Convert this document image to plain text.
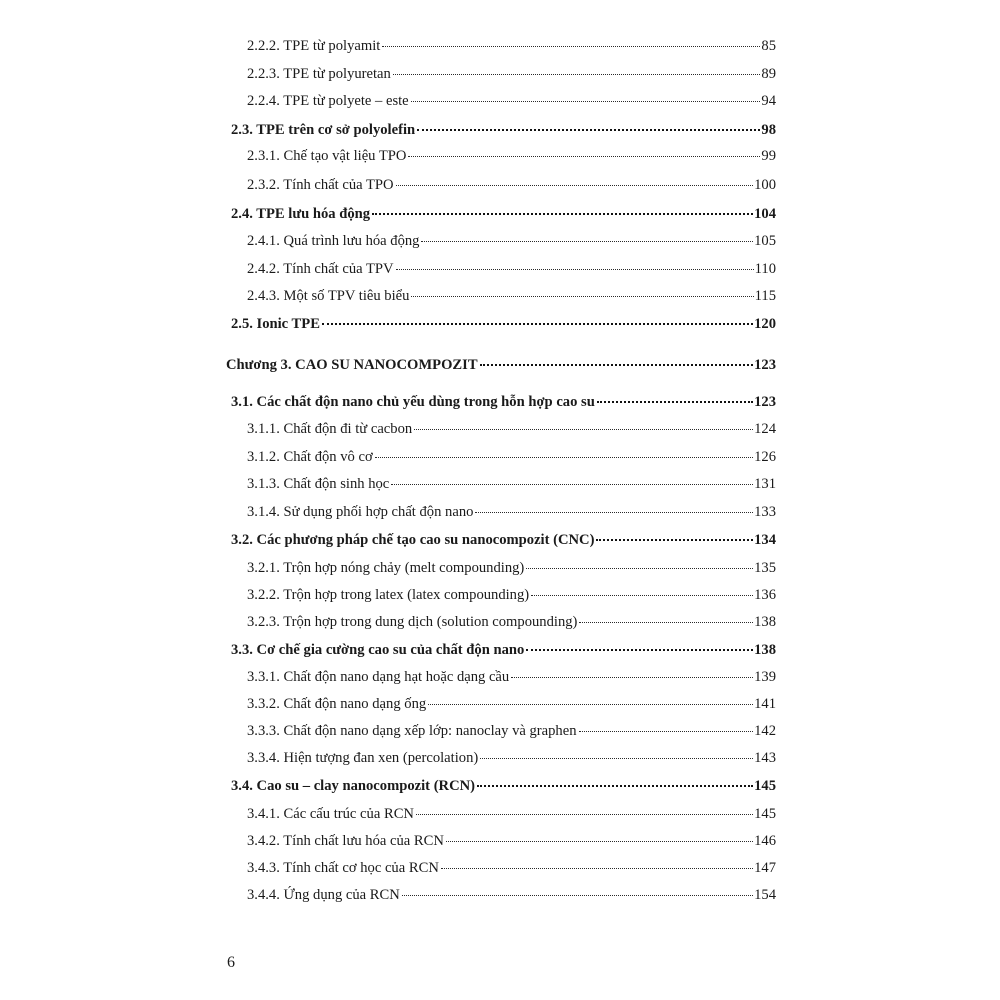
2.2.2. TPE từ polyamit	85
2.2.3. TPE từ polyuretan	89
2.2.4. TPE từ polyete – este	94
2.3. TPE trên cơ sở polyolefin	98
2.3.1. Chế tạo vật liệu TPO	99
2.3.2. Tính chất của TPO	100
2.4. TPE lưu hóa động	104
2.4.1. Quá trình lưu hóa động	105
2.4.2. Tính chất của TPV	110
2.4.3. Một số TPV tiêu biểu	115
2.5. Ionic TPE	120
Chương 3. CAO SU NANOCOMPOZIT	123
3.1. Các chất độn nano chủ yếu dùng trong hỗn hợp cao su	123
3.1.1. Chất độn đi từ cacbon	124
3.1.2. Chất độn vô cơ	126
3.1.3. Chất độn sinh học	131
3.1.4. Sử dụng phối hợp chất độn nano	133
3.2. Các phương pháp chế tạo cao su nanocompozit (CNC)	134
3.2.1. Trộn hợp nóng chảy (melt compounding)	135
3.2.2. Trộn hợp trong latex (latex compounding)	136
3.2.3. Trộn hợp trong dung dịch (solution compounding)	138
3.3. Cơ chế gia cường cao su của chất độn nano	138
3.3.1. Chất độn nano dạng hạt hoặc dạng cầu	139
3.3.2. Chất độn nano dạng ống	141
3.3.3. Chất độn nano dạng xếp lớp: nanoclay và graphen	142
3.3.4. Hiện tượng đan xen (percolation)	143
3.4. Cao su – clay nanocompozit (RCN)	145
3.4.1. Các cấu trúc của RCN	145
3.4.2. Tính chất lưu hóa của RCN	146
3.4.3. Tính chất cơ học của RCN	147
3.4.4. Ứng dụng của RCN	154
6
